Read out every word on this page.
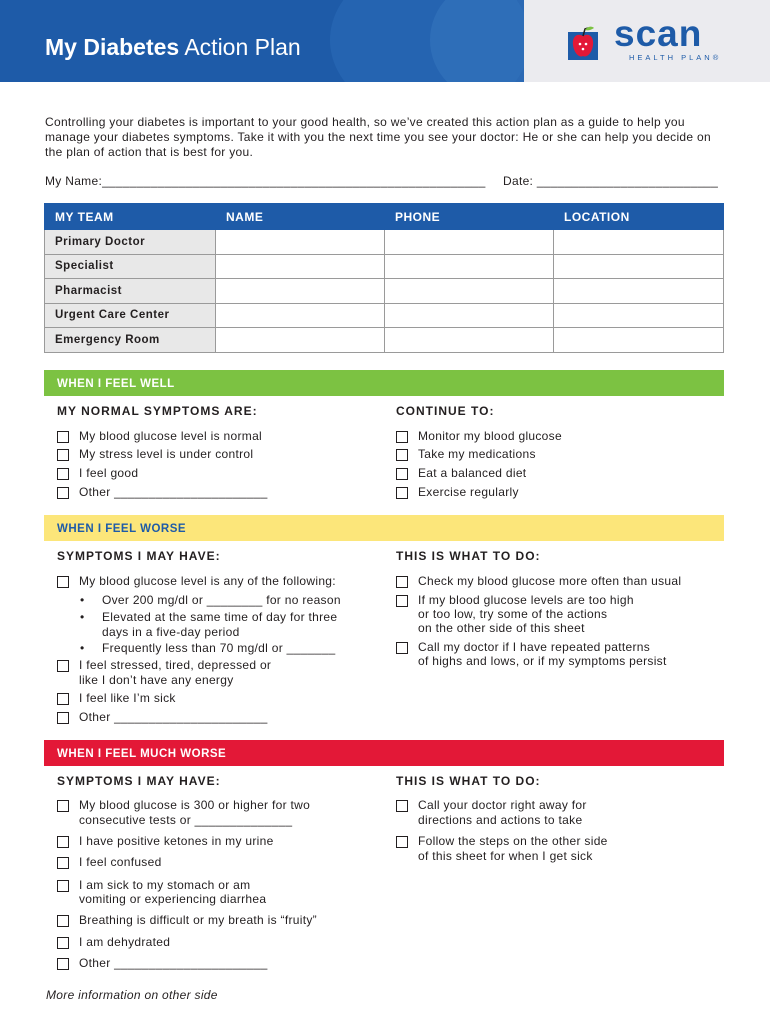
My Diabetes Action Plan	scan
HEALTH PLAN®
Controlling your diabetes is important to your good health, so we’ve created this action plan as a guide to help you manage your diabetes symptoms. Take it with you the next time you see your doctor: He or she can help you decide on the plan of action that is best for you.
My Name:_______________________________________________________ Date: __________________________
MY TEAM	NAME	PHONE	LOCATION
Primary Doctor			
Specialist			
Pharmacist			
Urgent Care Center			
Emergency Room			
WHEN I FEEL WELL
MY NORMAL SYMPTOMS ARE:	CONTINUE TO:
My blood glucose level is normal
My stress level is under control
I feel good
Other ______________________
Monitor my blood glucose
Take my medications
Eat a balanced diet
Exercise regularly
WHEN I FEEL WORSE
SYMPTOMS I MAY HAVE:	THIS IS WHAT TO DO:
My blood glucose level is any of the following:
• Over 200 mg/dl or ________ for no reason
• Elevated at the same time of day for three
days in a five-day period
• Frequently less than 70 mg/dl or _______
I feel stressed, tired, depressed or
like I don’t have any energy
I feel like I’m sick
Other ______________________
Check my blood glucose more often than usual
If my blood glucose levels are too high
or too low, try some of the actions
on the other side of this sheet
Call my doctor if I have repeated patterns
of highs and lows, or if my symptoms persist
WHEN I FEEL MUCH WORSE
SYMPTOMS I MAY HAVE:	THIS IS WHAT TO DO:
My blood glucose is 300 or higher for two
consecutive tests or ______________
I have positive ketones in my urine
I feel confused
I am sick to my stomach or am
vomiting or experiencing diarrhea
Breathing is difficult or my breath is “fruity”
I am dehydrated
Other ______________________
Call your doctor right away for
directions and actions to take
Follow the steps on the other side
of this sheet for when I get sick
More information on other side
